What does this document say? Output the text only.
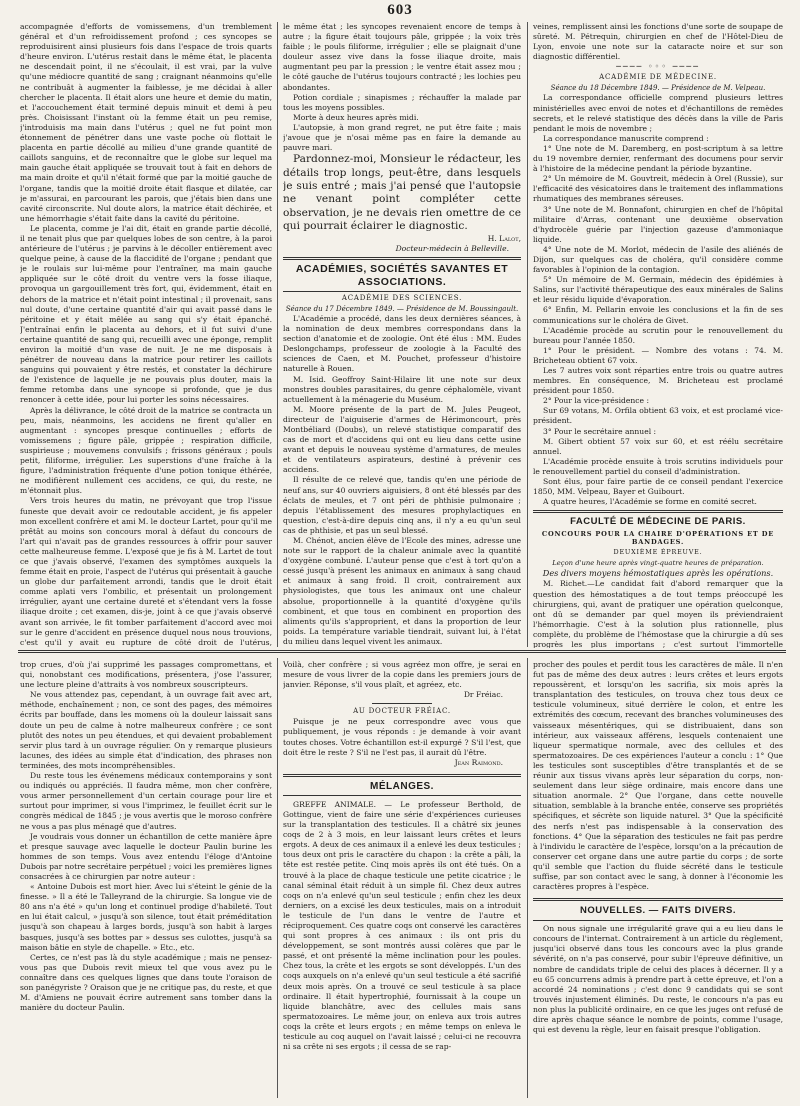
603

accompagnée d'efforts de vomissemens, d'un tremblement général et d'un refroidissement profond ; ces syncopes se reproduisirent ainsi plusieurs fois dans l'espace de trois quarts d'heure environ. L'utérus restait dans le même état, le placenta ne descendait point, il ne s'écoulait, il est vrai, par la vulve qu'une médiocre quantité de sang ; craignant néanmoins qu'elle ne contribuât à augmenter la faiblesse, je me décidai à aller chercher le placenta. Il était alors une heure et demie du matin, et l'accouchement était terminé depuis minuit et demi à peu près. Choisissant l'instant où la femme était un peu remise, j'introduisis ma main dans l'utérus ; quel ne fut point mon étonnement de pénétrer dans une vaste poche où flottait le placenta en partie décollé au milieu d'une grande quantité de caillots sanguins, et de reconnaître que le globe sur lequel ma main gauche était appliquée se trouvait tout à fait en dehors de ma main droite et qu'il n'était formé que par la moitié gauche de l'organe, tandis que la moitié droite était flasque et dilatée, car je m'assurai, en parcourant les parois, que j'étais bien dans une cavité circonscrite. Nul doute alors, la matrice était déchirée, et une hémorrhagie s'était faite dans la cavité du péritoine.

Le placenta, comme je l'ai dit, était en grande partie décollé, il ne tenait plus que par quelques lobes de son centre, à la paroi antérieure de l'utérus ; je parvins à le décoller entièrement avec quelque peine, à cause de la flaccidité de l'organe ; pendant que je le roulais sur lui-même pour l'entraîner, ma main gauche appliquée sur le côté droit du ventre vers la fosse iliaque, provoqua un gargouillement très fort, qui, évidemment, était en dehors de la matrice et n'était point intestinal ; il provenait, sans nul doute, d'une certaine quantité d'air qui avait passé dans le péritoine et y était mêlée au sang qui s'y était épanché. J'entraînai enfin le placenta au dehors, et il fut suivi d'une certaine quantité de sang qui, recueilli avec une éponge, remplit environ la moitié d'un vase de nuit. Je ne me disposais à pénétrer de nouveau dans la matrice pour retirer les caillots sanguins qui pouvaient y être restés, et constater la déchirure de l'existence de laquelle je ne pouvais plus douter, mais la femme retomba dans une syncope si profonde, que je dus renoncer à cette idée, pour lui porter les soins nécessaires.

Après la délivrance, le côté droit de la matrice se contracta un peu, mais, néanmoins, les accidens ne firent qu'aller en augmentant : syncopes presque continuelles ; efforts de vomissemens ; figure pâle, grippée ; respiration difficile, suspirieuse ; mouvemens convulsifs ; frissons généraux ; pouls petit, filiforme, irrégulier. Les superstions d'une fraîche à la figure, l'administration fréquente d'une potion tonique éthérée, ne modifièrent nullement ces accidens, ce qui, du reste, ne m'étonnait plus.

Vers trois heures du matin, ne prévoyant que trop l'issue funeste que devait avoir ce redoutable accident, je fis appeler mon excellent confrère et ami M. le docteur Lartet, pour qu'il me prêtât au moins son concours moral à défaut du concours de l'art qui n'avait pas de grandes ressources à offrir pour sauver cette malheureuse femme. L'exposé que je fis à M. Lartet de tout ce que j'avais observé, l'examen des symptômes auxquels la femme était en proie, l'aspect de l'utérus qui présentait à gauche un globe dur parfaitement arrondi, tandis que le droit était comme aplati vers l'ombilic, et présentait un prolongement irrégulier, ayant une certaine dureté et s'étendant vers la fosse iliaque droite ; cet examen, dis-je, joint à ce que j'avais observé avant son arrivée, le fit tomber parfaitement d'accord avec moi sur le genre d'accident en présence duquel nous nous trouvions, c'est qu'il y avait eu rupture de côté droit de l'utérus,

le même état ; les syncopes revenaient encore de temps à autre ; la figure était toujours pâle, grippée ; la voix très faible ; le pouls filiforme, irrégulier ; elle se plaignait d'une douleur assez vive dans la fosse iliaque droite, mais augmentant peu par la pression ; le ventre était assez mou ; le côté gauche de l'utérus toujours contracté ; les lochies peu abondantes.

Potion cordiale ; sinapismes ; réchauffer la malade par tous les moyens possibles.

Morte à deux heures après midi.

L'autopsie, à mon grand regret, ne put être faite ; mais j'avoue que je n'osai même pas en faire la demande au pauvre mari.

Pardonnez-moi, Monsieur le rédacteur, les détails trop longs, peut-être, dans lesquels je suis entré ; mais j'ai pensé que l'autopsie ne venant point compléter cette observation, je ne devais rien omettre de ce qui pourrait éclairer le diagnostic.

H. Lalot,

Docteur-médecin à Belleville.

ACADÉMIES, SOCIÉTÉS SAVANTES ET ASSOCIATIONS.
ACADÉMIE DES SCIENCES.

Séance du 17 Décembre 1849. — Présidence de M. Boussingault.

L'Académie a procédé, dans les deux dernières séances, à la nomination de deux membres correspondans dans la section d'anatomie et de zoologie. Ont été élus : MM. Eudes Deslongchamps, professeur de zoologie à la Faculté des sciences de Caen, et M. Pouchet, professeur d'histoire naturelle à Rouen.

M. Isid. Geoffroy Saint-Hilaire lit une note sur deux monstres doubles parasitaires, du genre céphalomèle, vivant actuellement à la ménagerie du Muséum.

M. Moore présente de la part de M. Jules Peugeot, directeur de l'aiguiserie d'armes de Hérimoncourt, près Montbéliard (Doubs), un relevé statistique comparatif des cas de mort et d'accidens qui ont eu lieu dans cette usine avant et depuis le nouveau système d'armatures, de meules et de ventilateurs aspirateurs, destiné à prévenir ces accidens.

Il résulte de ce relevé que, tandis qu'en une période de neuf ans, sur 40 ouvriers aiguisiers, 8 ont été blessés par des éclats de meules, et 7 ont péri de phthisie pulmonaire ; depuis l'établissement des mesures prophylactiques en question, c'est-à-dire depuis cinq ans, il n'y a eu qu'un seul cas de phthisie, et pas un seul blessé.

M. Chénot, ancien élève de l'Ecole des mines, adresse une note sur le rapport de la chaleur animale avec la quantité d'oxygène combuné. L'auteur pense que c'est à tort qu'on a cessé jusqu'à présent les animaux en animaux à sang chaud et animaux à sang froid. Il croit, contrairement aux physiologistes, que tous les animaux ont une chaleur absolue, proportionnelle à la quantité d'oxygène qu'ils combinent, et que tous en combinent en proportion des aliments qu'ils s'approprient, et dans la proportion de leur poids. La température variable tiendrait, suivant lui, à l'état du milieu dans lequel vivent les animaux.

veines, remplissent ainsi les fonctions d'une sorte de soupape de sûreté. M. Pétrequin, chirurgien en chef de l'Hôtel-Dieu de Lyon, envoie une note sur la cataracte noire et sur son diagnostic différentiel.

──── ◦◦◦ ────
ACADÉMIE DE MÉDECINE.

Séance du 18 Décembre 1849. — Présidence de M. Velpeau.

La correspondance officielle comprend plusieurs lettres ministérielles avec envoi de notes et d'échantillons de remèdes secrets, et le relevé statistique des décès dans la ville de Paris pendant le mois de novembre ;

La correspondance manuscrite comprend :

1° Une note de M. Daremberg, en post-scriptum à sa lettre du 19 novembre dernier, renfermant des documens pour servir à l'histoire de la médecine pendant la période byzantine.

2° Un mémoire de M. Gouvtreit, médecin à Orel (Russie), sur l'efficacité des vésicatoires dans le traitement des inflammations rhumatiques des membranes séreuses.

3° Une note de M. Bonnafont, chirurgien en chef de l'hôpital militaire d'Arras, contenant une deuxième observation d'hydrocèle guérie par l'injection gazeuse d'ammoniaque liquide.

4° Une note de M. Morlot, médecin de l'asile des aliénés de Dijon, sur quelques cas de choléra, qu'il considère comme favorables à l'opinion de la contagion.

5° Un mémoire de M. Germain, médecin des épidémies à Salins, sur l'activité thérapeutique des eaux minérales de Salins et leur résidu liquide d'évaporation.

6° Enfin, M. Pellarin envoie les conclusions et la fin de ses communications sur le choléra de Givet.

L'Académie procède au scrutin pour le renouvellement du bureau pour l'année 1850.

1° Pour le président. — Nombre des votans : 74. M. Bricheteau obtient 67 voix.

Les 7 autres voix sont réparties entre trois ou quatre autres membres. En conséquence, M. Bricheteau est proclamé président pour 1850.

2° Pour la vice-présidence :

Sur 69 votans, M. Orfila obtient 63 voix, et est proclamé vice-président.

3° Pour le secrétaire annuel :

M. Gibert obtient 57 voix sur 60, et est réélu secrétaire annuel.

L'Académie procède ensuite à trois scrutins individuels pour le renouvellement partiel du conseil d'administration.

Sont élus, pour faire partie de ce conseil pendant l'exercice 1850, MM. Velpeau, Bayer et Guibourt.

A quatre heures, l'Académie se forme en comité secret.

FACULTÉ DE MÉDECINE DE PARIS.
CONCOURS POUR LA CHAIRE D'OPÉRATIONS ET DE BANDAGES.
DEUXIÈME ÉPREUVE.

Leçon d'une heure après vingt-quatre heures de préparation.

Des divers moyens hémostatiques après les opérations.

M. Richet.—Le candidat fait d'abord remarquer que la question des hémostatiques a de tout temps préoccupé les chirurgiens, qui, avant de pratiquer une opération quelconque, ont dû se demander par quel moyen ils préviendraient l'hémorrhagie. C'est à la solution plus rationnelle, plus complète, du problème de l'hémostase que la chirurgie a dû ses progrès les plus importans ; c'est surtout l'immortelle

trop crues, d'où j'ai supprimé les passages compromettans, et qui, nonobstant ces modifications, présentera, j'ose l'assurer, une lecture pleine d'attraits à vos nombreux souscripteurs.

Ne vous attendez pas, cependant, à un ouvrage fait avec art, méthode, enchaînement ; non, ce sont des pages, des mémoires écrits par bouffade, dans les momens où la douleur laissait sans doute un peu de calme à notre malheureux confrère ; ce sont plutôt des notes un peu étendues, et qui devaient probablement servir plus tard à un ouvrage régulier. On y remarque plusieurs lacunes, des idées au simple état d'indication, des phrases non terminées, des mots incompréhensibles.

Du reste tous les événemens médicaux contemporains y sont ou indiqués ou appréciés. Il faudra même, mon cher confrère, vous armer personnellement d'un certain courage pour lire et surtout pour imprimer, si vous l'imprimez, le feuillet écrit sur le congrès médical de 1845 ; je vous avertis que le moroso confrère ne vous a pas plus ménagé que d'autres.

Je voudrais vous donner un échantillon de cette manière âpre et presque sauvage avec laquelle le docteur Paulin burine les hommes de son temps. Vous avez entendu l'éloge d'Antoine Dubois par notre secrétaire perpétuel ; voici les premières lignes consacrées à ce chirurgien par notre auteur :

« Antoine Dubois est mort hier. Avec lui s'éteint le génie de la finesse. » Il a été le Talleyrand de la chirurgie. Sa longue vie de 80 ans n'a été » qu'un long et continuel prodige d'habileté. Tout en lui était calcul, » jusqu'à son silence, tout était préméditation jusqu'à son chapeau à larges bords, jusqu'à son habit à larges basques, jusqu'à ses bottes par » dessus ses culottes, jusqu'à sa maison bâtie en style de chapelle. » Etc., etc.

Certes, ce n'est pas là du style académique ; mais ne pensez-vous pas que Dubois revit mieux tel que vous avez pu le connaître dans ces quelques lignes que dans toute l'oraison de son panégyriste ? Oraison que je ne critique pas, du reste, et que M. d'Amiens ne pouvait écrire autrement sans tomber dans la manière du docteur Paulin.

Voilà, cher confrère ; si vous agréez mon offre, je serai en mesure de vous livrer de la copie dans les premiers jours de janvier. Réponse, s'il vous plaît, et agréez, etc.

Dr Fréiac.

AU DOCTEUR FRÉIAC.

Puisque je ne peux correspondre avec vous que publiquement, je vous réponds : je demande à voir avant toutes choses. Votre échantillon est-il expurgé ? S'il l'est, que doit être le reste ? S'il ne l'est pas, il aurait dû l'être.

Jean Raimond.

MÉLANGES.

GREFFE ANIMALE. — Le professeur Berthold, de Gottingue, vient de faire une série d'expériences curieuses sur la transplantation des testicules. Il a châtré six jeunes coqs de 2 à 3 mois, en leur laissant leurs crêtes et leurs ergots. A deux de ces animaux il a enlevé les deux testicules ; tous deux ont pris le caractère du chapon : la crête a pâli, la tête est restée petite. Cinq mois après ils ont été tués. On a trouvé à la place de chaque testicule une petite cicatrice ; le canal séminal était réduit à un simple fil. Chez deux autres coqs on n'a enlevé qu'un seul testicule ; enfin chez les deux derniers, on a excisé les deux testicules, mais on a introduit le testicule de l'un dans le ventre de l'autre et réciproquement. Ces quatre coqs ont conservé les caractères qui sont propres à ces animaux : ils ont pris du développement, se sont montrés aussi colères que par le passé, et ont présenté la même inclination pour les poules. Chez tous, la crête et les ergots se sont développés. L'un des coqs auxquels on n'a enlevé qu'un seul testicule a été sacrifié deux mois après. On a trouvé ce seul testicule à sa place ordinaire. Il était hypertrophié, fournissait à la coupe un liquide blanchâtre, avec des cellules mais sans spermatozoaires. Le même jour, on enleva aux trois autres coqs la crête et leurs ergots ; en même temps on enleva le testicule au coq auquel on l'avait laissé ; celui-ci ne recouvra ni sa crête ni ses ergots ; il cessa de se rap-

procher des poules et perdit tous les caractères de mâle. Il n'en fut pas de même des deux autres : leurs crêtes et leurs ergots repoussèrent, et lorsqu'on les sacrifia, six mois après la transplantation des testicules, on trouva chez tous deux ce testicule volumineux, situé derrière le colon, et entre les extrémités des cœcum, recevant des branches volumineuses des vaisseaux mésentériques, qui se distribuaient, dans son intérieur, aux vaisseaux afférens, lesquels contenaient une liqueur spermatique normale, avec des cellules et des spermatozoaires. De ces expériences l'auteur a conclu : 1° Que les testicules sont susceptibles d'être transplantés et de se réunir aux tissus vivans après leur séparation du corps, non-seulement dans leur siège ordinaire, mais encore dans une situation anormale. 2° Que l'organe, dans cette nouvelle situation, semblable à la branche entée, conserve ses propriétés spécifiques, et sécrète son liquide naturel. 3° Que la spécificité des nerfs n'est pas indispensable à la conservation des fonctions. 4° Que la séparation des testicules ne fait pas perdre à l'individu le caractère de l'espèce, lorsqu'on a la précaution de conserver cet organe dans une autre partie du corps ; de sorte qu'il semble que l'action du fluide sécrété dans le testicule suffise, par son contact avec le sang, à donner à l'économie les caractères propres à l'espèce.

NOUVELLES. — FAITS DIVERS.

On nous signale une irrégularité grave qui a eu lieu dans le concours de l'internat. Contrairement à un article du règlement, jusqu'ici observé dans tous les concours avec la plus grande sévérité, on n'a pas conservé, pour subir l'épreuve définitive, un nombre de candidats triple de celui des places à décerner. Il y a eu 65 concurrens admis à prendre part à cette épreuve, et l'on a accordé 24 nominations ; c'est donc 9 candidats qui se sont trouvés injustement éliminés. Du reste, le concours n'a pas eu non plus la publicité ordinaire, en ce que les juges ont refusé de dire après chaque séance le nombre de points, comme l'usage, qui est devenu la règle, leur en faisait presque l'obligation.
